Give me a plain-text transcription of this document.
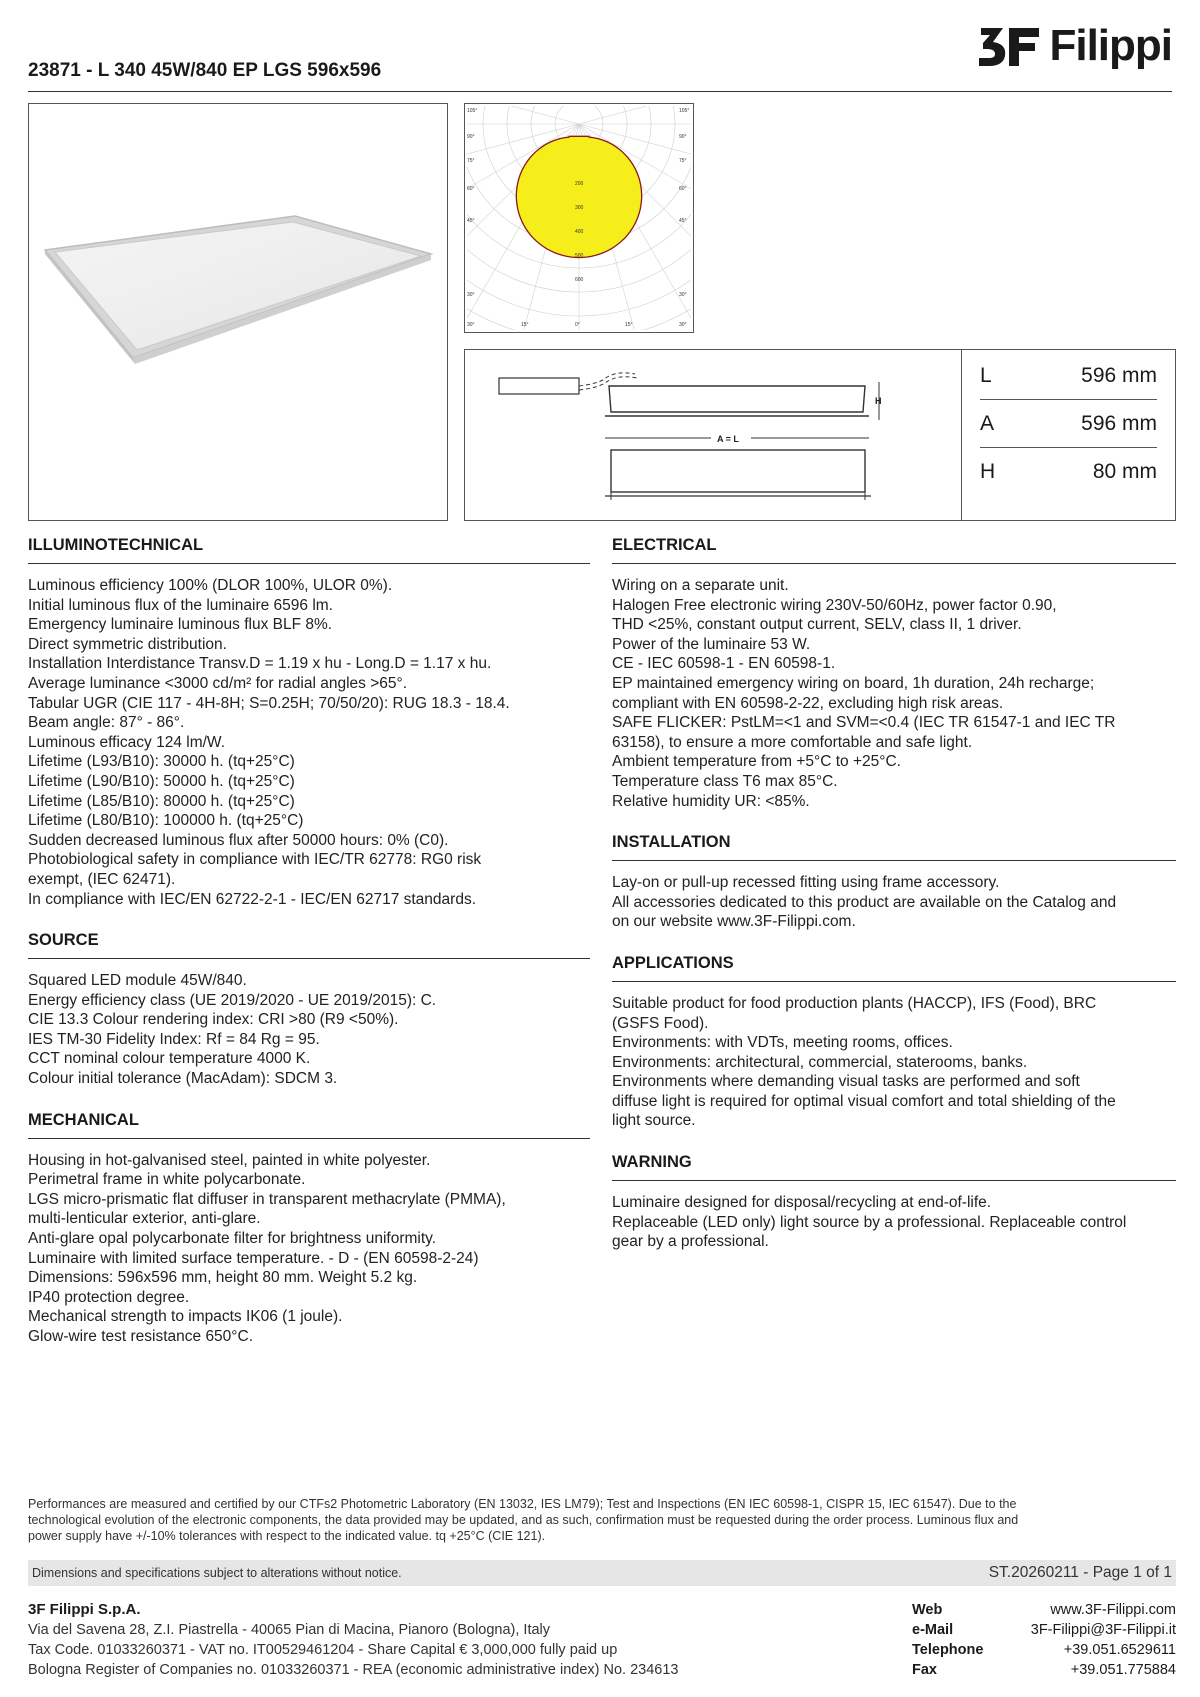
23871 - L 340 45W/840 EP LGS 596x596
Filippi
200
300
400
500
600
105°
90°
75°
60°
45°
30°
105°
90°
75°
60°
45°
30°
30°	15°	0°	15°	30°
H
A = L
L	596 mm
A	596 mm
H	80 mm
ILLUMINOTECHNICAL
Luminous efficiency 100% (DLOR 100%, ULOR 0%).
Initial luminous flux of the luminaire 6596 lm.
Emergency luminaire luminous flux BLF 8%.
Direct symmetric distribution.
Installation Interdistance Transv.D = 1.19 x hu - Long.D = 1.17 x hu.
Average luminance <3000 cd/m² for radial angles >65°.
Tabular UGR (CIE 117 - 4H-8H; S=0.25H; 70/50/20): RUG 18.3 - 18.4.
Beam angle: 87° - 86°.
Luminous efficacy 124 lm/W.
Lifetime (L93/B10): 30000 h. (tq+25°C)
Lifetime (L90/B10): 50000 h. (tq+25°C)
Lifetime (L85/B10): 80000 h. (tq+25°C)
Lifetime (L80/B10): 100000 h. (tq+25°C)
Sudden decreased luminous flux after 50000 hours: 0% (C0).
Photobiological safety in compliance with IEC/TR 62778: RG0 risk
exempt, (IEC 62471).
In compliance with IEC/EN 62722-2-1 - IEC/EN 62717 standards.
SOURCE
Squared LED module 45W/840.
Energy efficiency class (UE 2019/2020 - UE 2019/2015): C.
CIE 13.3 Colour rendering index: CRI >80 (R9 <50%).
IES TM-30 Fidelity Index: Rf = 84 Rg = 95.
CCT nominal colour temperature 4000 K.
Colour initial tolerance (MacAdam): SDCM 3.
MECHANICAL
Housing in hot-galvanised steel, painted in white polyester.
Perimetral frame in white polycarbonate.
LGS micro-prismatic flat diffuser in transparent methacrylate (PMMA),
multi-lenticular exterior, anti-glare.
Anti-glare opal polycarbonate filter for brightness uniformity.
Luminaire with limited surface temperature. - D - (EN 60598-2-24)
Dimensions: 596x596 mm, height 80 mm. Weight 5.2 kg.
IP40 protection degree.
Mechanical strength to impacts IK06 (1 joule).
Glow-wire test resistance 650°C.
ELECTRICAL
Wiring on a separate unit.
Halogen Free electronic wiring 230V-50/60Hz, power factor 0.90,
THD <25%, constant output current, SELV, class II, 1 driver.
Power of the luminaire 53 W.
CE - IEC 60598-1 - EN 60598-1.
EP maintained emergency wiring on board, 1h duration, 24h recharge;
compliant with EN 60598-2-22, excluding high risk areas.
SAFE FLICKER: PstLM=<1 and SVM=<0.4 (IEC TR 61547-1 and IEC TR
63158), to ensure a more comfortable and safe light.
Ambient temperature from +5°C to +25°C.
Temperature class T6 max 85°C.
Relative humidity UR: <85%.
INSTALLATION
Lay-on or pull-up recessed fitting using frame accessory.
All accessories dedicated to this product are available on the Catalog and
on our website www.3F-Filippi.com.
APPLICATIONS
Suitable product for food production plants (HACCP), IFS (Food), BRC
(GSFS Food).
Environments: with VDTs, meeting rooms, offices.
Environments: architectural, commercial, staterooms, banks.
Environments where demanding visual tasks are performed and soft
diffuse light is required for optimal visual comfort and total shielding of the
light source.
WARNING
Luminaire designed for disposal/recycling at end-of-life.
Replaceable (LED only) light source by a professional. Replaceable control
gear by a professional.
Performances are measured and certified by our CTFs2 Photometric Laboratory (EN 13032, IES LM79); Test and Inspections (EN IEC 60598-1, CISPR 15, IEC 61547). Due to the
technological evolution of the electronic components, the data provided may be updated, and as such, confirmation must be requested during the order process. Luminous flux and
power supply have +/-10% tolerances with respect to the indicated value. tq +25°C (CIE 121).
Dimensions and specifications subject to alterations without notice.	ST.20260211 - Page 1 of 1
3F Filippi S.p.A.
Via del Savena 28, Z.I. Piastrella - 40065 Pian di Macina, Pianoro (Bologna), Italy
Tax Code. 01033260371 - VAT no. IT00529461204 - Share Capital € 3,000,000 fully paid up
Bologna Register of Companies no. 01033260371 - REA (economic administrative index) No. 234613
Web	www.3F-Filippi.com
e-Mail	3F-Filippi@3F-Filippi.it
Telephone	+39.051.6529611
Fax	+39.051.775884
